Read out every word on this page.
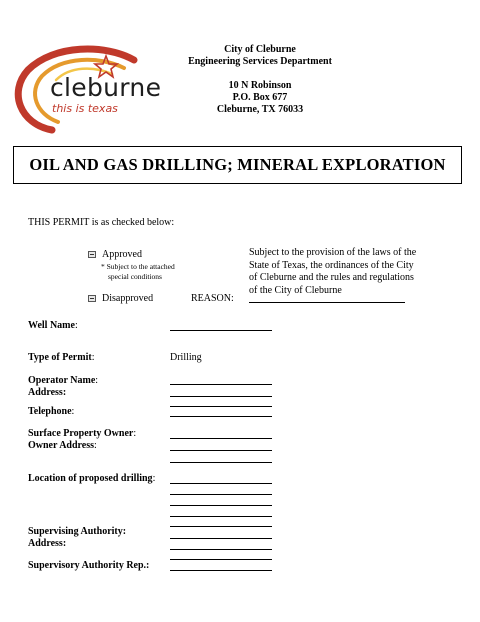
cleburne
this is texas
City of Cleburne
Engineering Services Department
10 N Robinson
P.O. Box 677
Cleburne, TX 76033
OIL AND GAS DRILLING; MINERAL EXPLORATION
THIS PERMIT is as checked below:
Approved
* Subject to the attached
special conditions
Disapproved	REASON:
Subject to the provision of the laws of the State of Texas, the ordinances of the City of Cleburne and the rules and regulations of the City of Cleburne
Well Name:
Type of Permit:	Drilling
Operator Name:
Address:
Telephone:
Surface Property Owner:
Owner Address:
Location of proposed drilling:
Supervising Authority:
Address:
Supervisory Authority Rep.:
